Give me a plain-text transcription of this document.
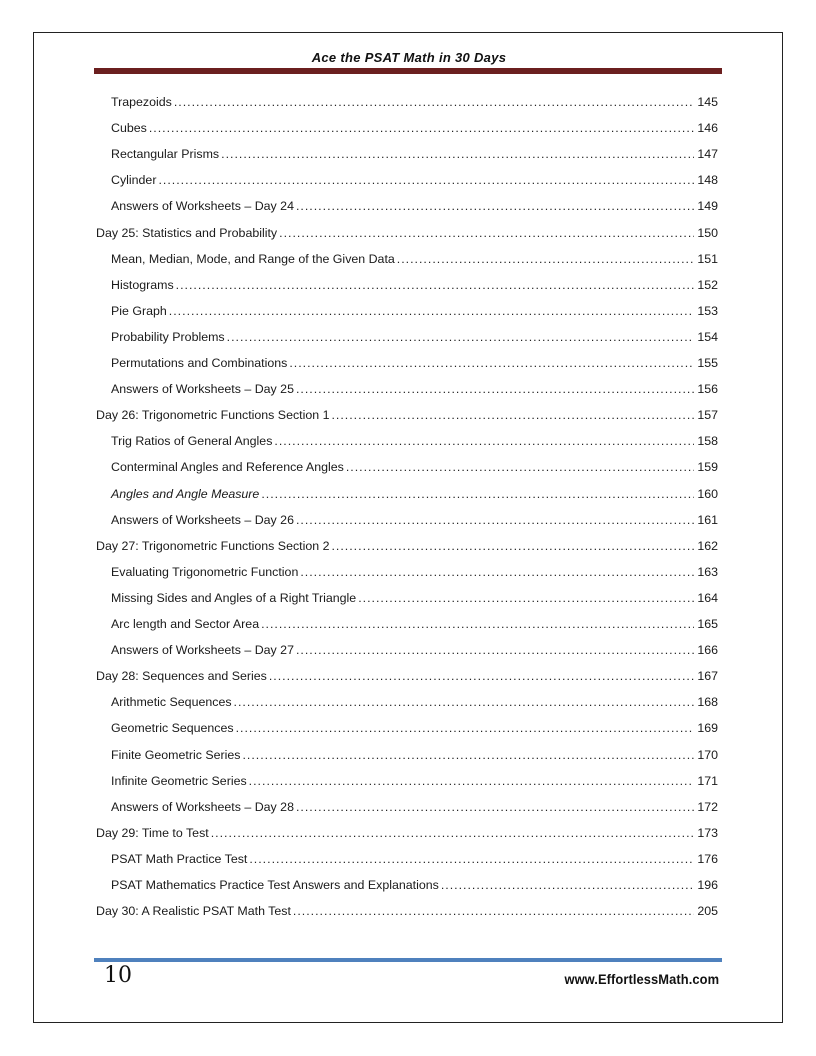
Ace the PSAT Math in 30 Days
Trapezoids .....	145
Cubes .....	146
Rectangular Prisms .....	147
Cylinder .....	148
Answers of Worksheets – Day 24 .....	149
Day 25: Statistics and Probability .....	150
Mean, Median, Mode, and Range of the Given Data .....	151
Histograms .....	152
Pie Graph .....	153
Probability Problems .....	154
Permutations and Combinations .....	155
Answers of Worksheets – Day 25 .....	156
Day 26: Trigonometric Functions Section 1 .....	157
Trig Ratios of General Angles .....	158
Conterminal Angles and Reference Angles .....	159
Angles and Angle Measure .....	160
Answers of Worksheets – Day 26 .....	161
Day 27: Trigonometric Functions Section 2 .....	162
Evaluating Trigonometric Function .....	163
Missing Sides and Angles of a Right Triangle .....	164
Arc length and Sector Area .....	165
Answers of Worksheets – Day 27 .....	166
Day 28: Sequences and Series .....	167
Arithmetic Sequences .....	168
Geometric Sequences .....	169
Finite Geometric Series .....	170
Infinite Geometric Series .....	171
Answers of Worksheets – Day 28 .....	172
Day 29: Time to Test .....	173
PSAT Math Practice Test .....	176
PSAT Mathematics Practice Test Answers and Explanations .....	196
Day 30: A Realistic PSAT Math Test .....	205
10	www.EffortlessMath.com
